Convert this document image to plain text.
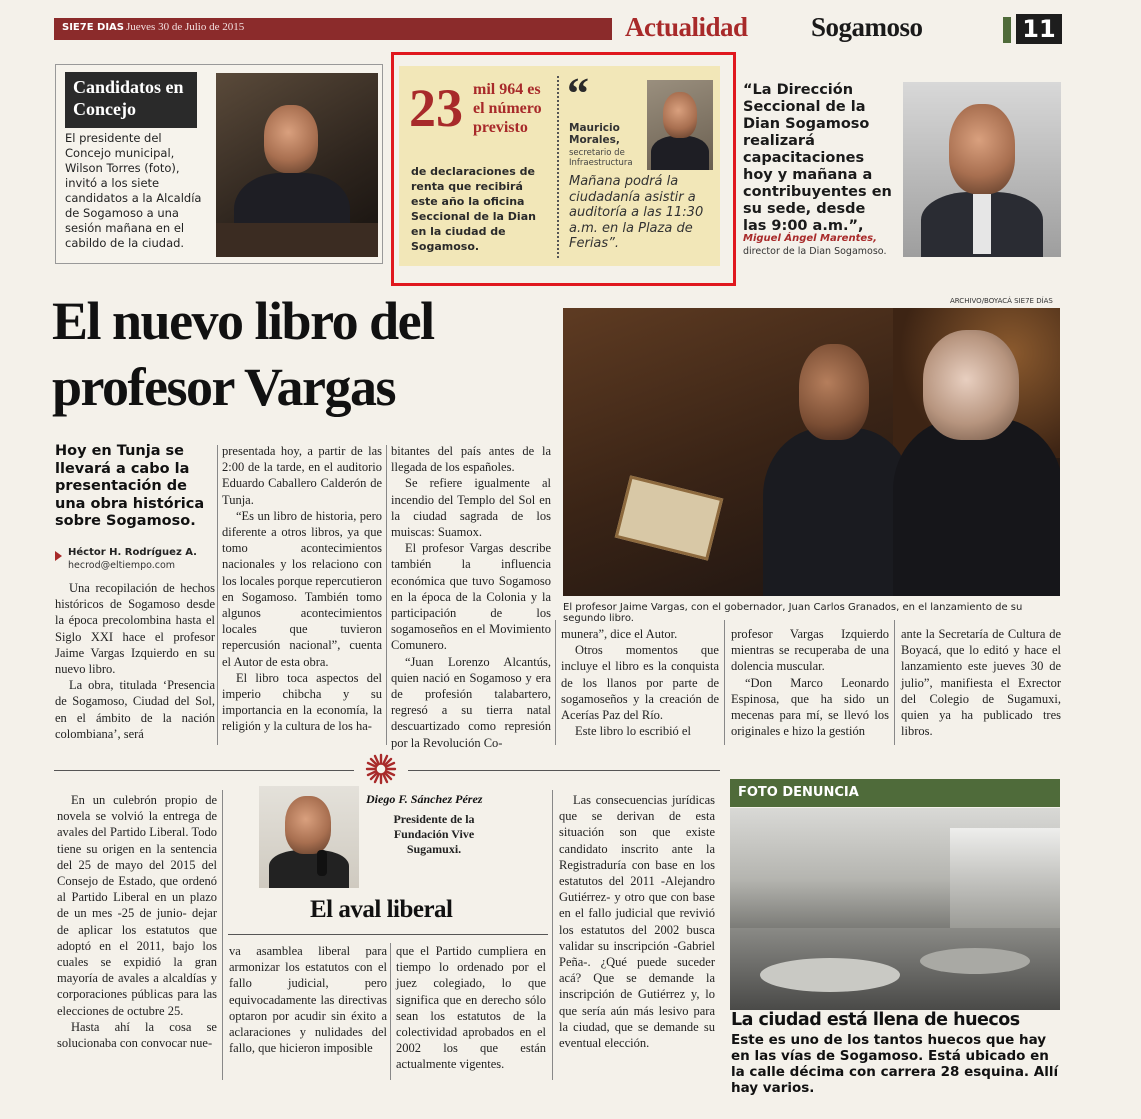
SIE7E DIAS Jueves 30 de Julio de 2015	Actualidad Sogamoso	11
Candidatos en Concejo
El presidente del Concejo municipal, Wilson Torres (foto), invitó a los siete candidatos a la Alcaldía de Sogamoso a una sesión mañana en el cabildo de la ciudad.
23 mil 964 es el número previsto
de declaraciones de renta que recibirá este año la oficina Seccional de la Dian en la ciudad de Sogamoso.
“
Mauricio Morales,
secretario de Infraestructura
Mañana podrá la ciudadanía asistir a auditoría a las 11:30 a.m. en la Plaza de Ferias”.
“La Dirección Seccional de la Dian Sogamoso realizará capacitaciones hoy y mañana a contribuyentes en su sede, desde las 9:00 a.m.”,
Miguel Ángel Marentes,
director de la Dian Sogamoso.
El nuevo libro del
profesor Vargas
ARCHIVO/BOYACÁ SIE7E DÍAS
El profesor Jaime Vargas, con el gobernador, Juan Carlos Granados, en el lanzamiento de su segundo libro.
Hoy en Tunja se llevará a cabo la presentación de una obra histórica sobre Sogamoso.
Héctor H. Rodríguez A.
hecrod@eltiempo.com

Una recopilación de hechos históricos de Sogamoso desde la época precolombina hasta el Siglo XXI hace el profesor Jaime Vargas Izquierdo en su nuevo libro.

La obra, titulada ‘Presencia de Sogamoso, Ciudad del Sol, en el ámbito de la nación colombiana’, será

presentada hoy, a partir de las 2:00 de la tarde, en el auditorio Eduardo Caballero Calderón de Tunja.

“Es un libro de historia, pero diferente a otros libros, ya que tomo acontecimientos nacionales y los relaciono con los locales porque repercutieron en Sogamoso. También tomo algunos acontecimientos locales que tuvieron repercusión nacional”, cuenta el Autor de esta obra.

El libro toca aspectos del imperio chibcha y su importancia en la economía, la religión y la cultura de los ha-

bitantes del país antes de la llegada de los españoles.

Se refiere igualmente al incendio del Templo del Sol en la ciudad sagrada de los muiscas: Suamox.

El profesor Vargas describe también la influencia económica que tuvo Sogamoso en la época de la Colonia y la participación de los sogamoseños en el Movimiento Comunero.

“Juan Lorenzo Alcantús, quien nació en Sogamoso y era de profesión talabartero, regresó a su tierra natal descuartizado como represión por la Revolución Co-

munera”, dice el Autor.

Otros momentos que incluye el libro es la conquista de los llanos por parte de sogamoseños y la creación de Acerías Paz del Río.

Este libro lo escribió el

profesor Vargas Izquierdo mientras se recuperaba de una dolencia muscular.

“Don Marco Leonardo Espinosa, que ha sido un mecenas para mí, se llevó los originales e hizo la gestión

ante la Secretaría de Cultura de Boyacá, que lo editó y hace el lanzamiento este jueves 30 de julio”, manifiesta el Exrector del Colegio de Sugamuxi, quien ya ha publicado tres libros.

En un culebrón propio de novela se volvió la entrega de avales del Partido Liberal. Todo tiene su origen en la sentencia del 25 de mayo del 2015 del Consejo de Estado, que ordenó al Partido Liberal en un plazo de un mes -25 de junio- dejar de aplicar los estatutos que adoptó en el 2011, bajo los cuales se expidió la gran mayoría de avales a alcaldías y corporaciones públicas para las elecciones de octubre 25.

Hasta ahí la cosa se solucionaba con convocar nue-

Diego F. Sánchez Pérez
Presidente de la Fundación Vive Sugamuxi.
El aval liberal

va asamblea liberal para armonizar los estatutos con el fallo judicial, pero equivocadamente las directivas optaron por acudir sin éxito a aclaraciones y nulidades del fallo, que hicieron imposible

que el Partido cumpliera en tiempo lo ordenado por el juez colegiado, lo que significa que en derecho sólo sean los estatutos de la colectividad aprobados en el 2002 los que están actualmente vigentes.

Las consecuencias jurídicas que se derivan de esta situación son que existe candidato inscrito ante la Registraduría con base en los estatutos del 2011 -Alejandro Gutiérrez- y otro que con base en el fallo judicial que revivió los estatutos del 2002 busca validar su inscripción -Gabriel Peña-. ¿Qué puede suceder acá? Que se demande la inscripción de Gutiérrez y, lo que sería aún más lesivo para la ciudad, que se demande su eventual elección.

FOTO DENUNCIA
La ciudad está llena de huecos
Este es uno de los tantos huecos que hay en las vías de Sogamoso. Está ubicado en la calle décima con carrera 28 esquina. Allí hay varios.
